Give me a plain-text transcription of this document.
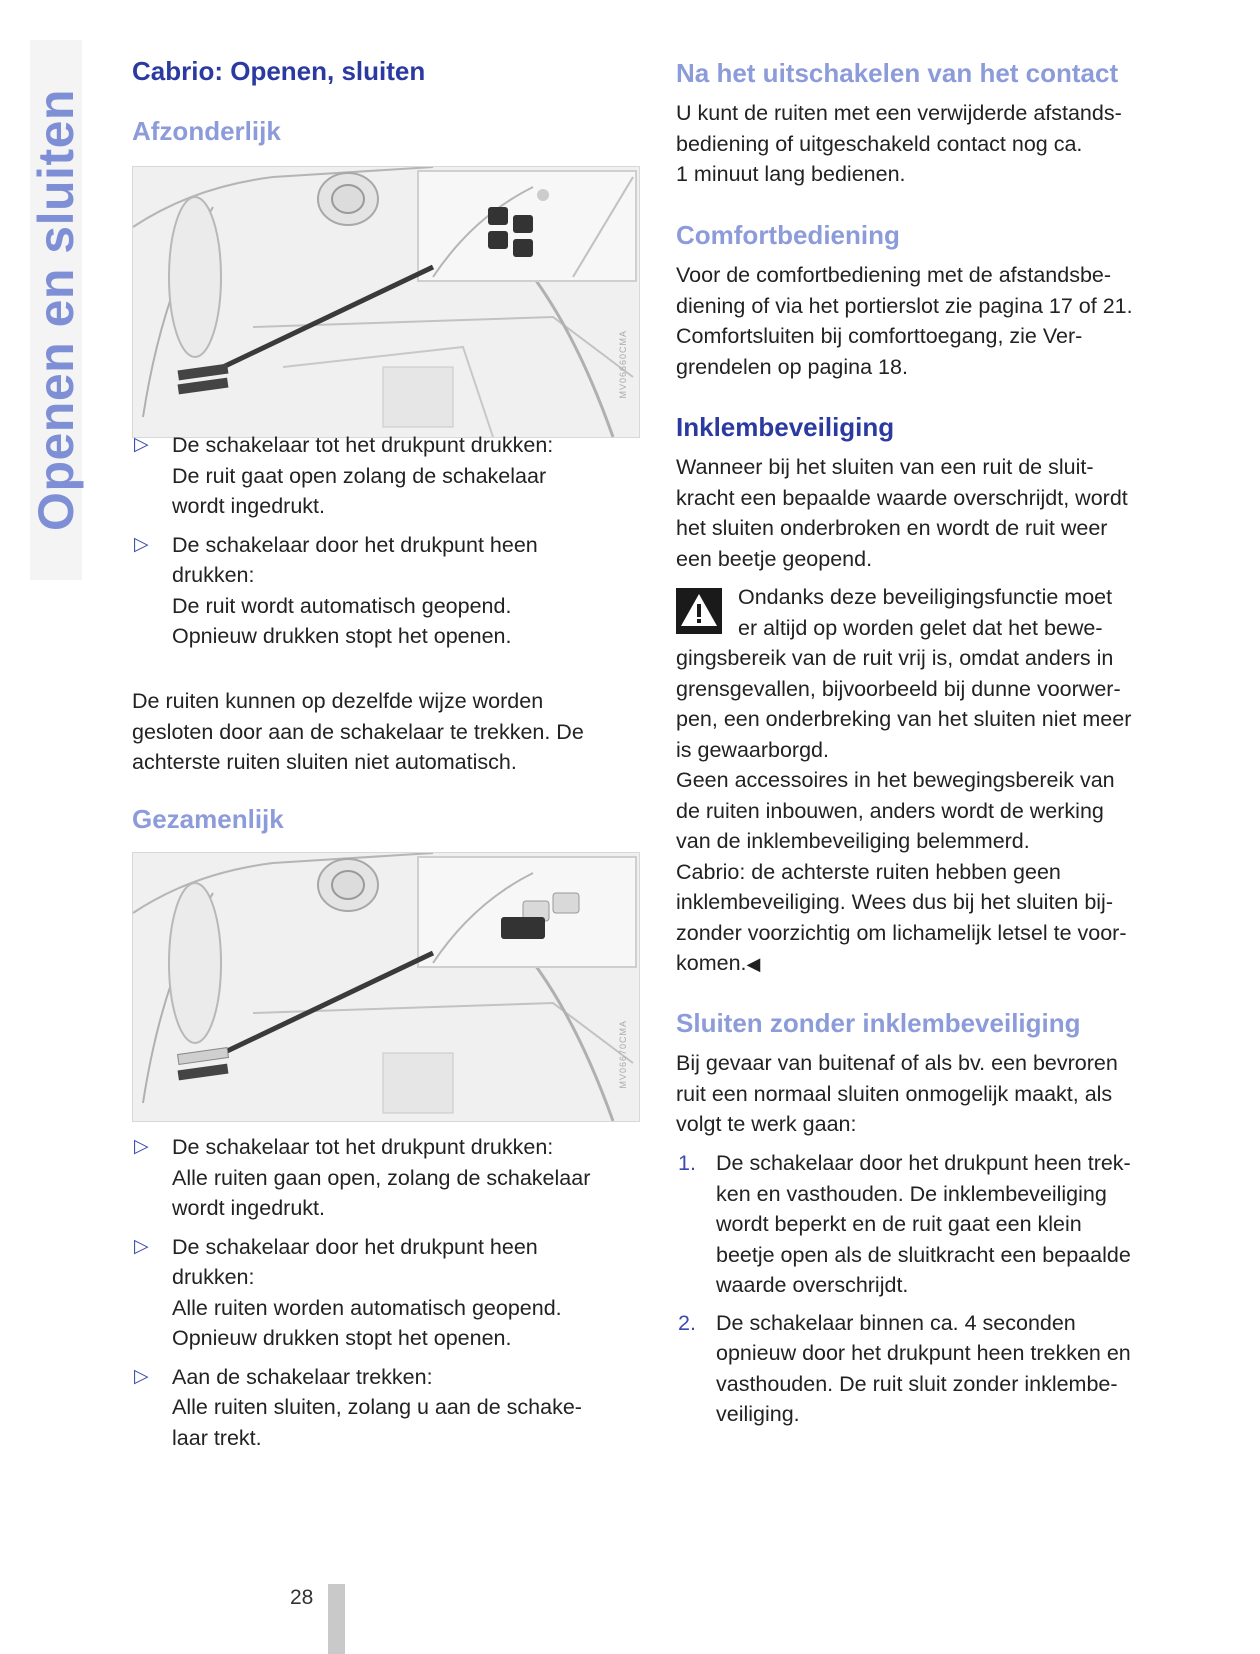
Openen en sluiten
Cabrio: Openen, sluiten
Afzonderlijk
MV06660CMA
▷ De schakelaar tot het drukpunt drukken:
De ruit gaat open zolang de schakelaar
wordt ingedrukt.
▷ De schakelaar door het drukpunt heen
drukken:
De ruit wordt automatisch geopend.
Opnieuw drukken stopt het openen.

De ruiten kunnen op dezelfde wijze worden
gesloten door aan de schakelaar te trekken. De
achterste ruiten sluiten niet automatisch.

Gezamenlijk
MV06670CMA
▷ De schakelaar tot het drukpunt drukken:
Alle ruiten gaan open, zolang de schakelaar
wordt ingedrukt.
▷ De schakelaar door het drukpunt heen
drukken:
Alle ruiten worden automatisch geopend.
Opnieuw drukken stopt het openen.
▷ Aan de schakelaar trekken:
Alle ruiten sluiten, zolang u aan de schake-
laar trekt.
Na het uitschakelen van het contact

U kunt de ruiten met een verwijderde afstands-
bediening of uitgeschakeld contact nog ca.
1 minuut lang bedienen.

Comfortbediening

Voor de comfortbediening met de afstandsbe-
diening of via het portierslot zie pagina 17 of 21.
Comfortsluiten bij comforttoegang, zie Ver-
grendelen op pagina 18.

Inklembeveiliging

Wanneer bij het sluiten van een ruit de sluit-
kracht een bepaalde waarde overschrijdt, wordt
het sluiten onderbroken en wordt de ruit weer
een beetje geopend.

Ondanks deze beveiligingsfunctie moet
er altijd op worden gelet dat het bewe-
gingsbereik van de ruit vrij is, omdat anders in
grensgevallen, bijvoorbeeld bij dunne voorwer-
pen, een onderbreking van het sluiten niet meer
is gewaarborgd.
Geen accessoires in het bewegingsbereik van
de ruiten inbouwen, anders wordt de werking
van de inklembeveiliging belemmerd.
Cabrio: de achterste ruiten hebben geen
inklembeveiliging. Wees dus bij het sluiten bij-
zonder voorzichtig om lichamelijk letsel te voor-
komen.◀

Sluiten zonder inklembeveiliging

Bij gevaar van buitenaf of als bv. een bevroren
ruit een normaal sluiten onmogelijk maakt, als
volgt te werk gaan:

1. De schakelaar door het drukpunt heen trek-
ken en vasthouden. De inklembeveiliging
wordt beperkt en de ruit gaat een klein
beetje open als de sluitkracht een bepaalde
waarde overschrijdt.
2. De schakelaar binnen ca. 4 seconden
opnieuw door het drukpunt heen trekken en
vasthouden. De ruit sluit zonder inklembe-
veiliging.
28
